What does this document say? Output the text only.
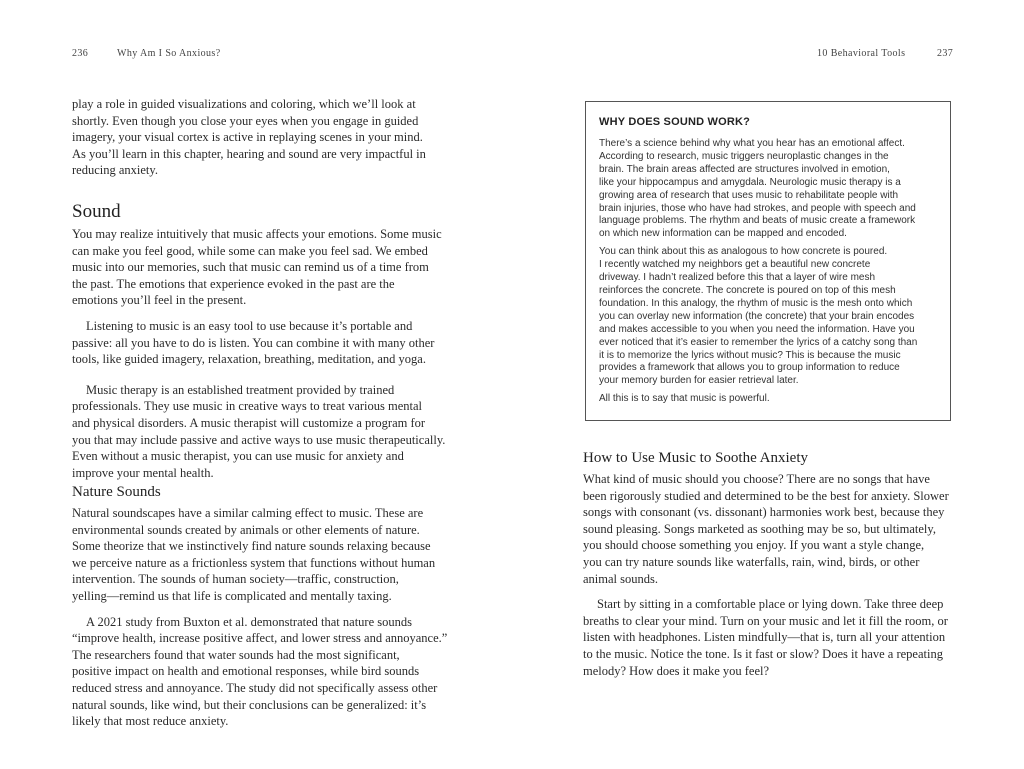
236	Why Am I So Anxious?

play a role in guided visualizations and coloring, which we’ll look at
shortly. Even though you close your eyes when you engage in guided
imagery, your visual cortex is active in replaying scenes in your mind.
As you’ll learn in this chapter, hearing and sound are very impactful in
reducing anxiety.

Sound

You may realize intuitively that music affects your emotions. Some music
can make you feel good, while some can make you feel sad. We embed
music into our memories, such that music can remind us of a time from
the past. The emotions that experience evoked in the past are the
emotions you’ll feel in the present.

Listening to music is an easy tool to use because it’s portable and
passive: all you have to do is listen. You can combine it with many other
tools, like guided imagery, relaxation, breathing, meditation, and yoga.

Music therapy is an established treatment provided by trained
professionals. They use music in creative ways to treat various mental
and physical disorders. A music therapist will customize a program for
you that may include passive and active ways to use music therapeutically.
Even without a music therapist, you can use music for anxiety and
improve your mental health.

Nature Sounds

Natural soundscapes have a similar calming effect to music. These are
environmental sounds created by animals or other elements of nature.
Some theorize that we instinctively find nature sounds relaxing because
we perceive nature as a frictionless system that functions without human
intervention. The sounds of human society—traffic, construction,
yelling—remind us that life is complicated and mentally taxing.

A 2021 study from Buxton et al. demonstrated that nature sounds
“improve health, increase positive affect, and lower stress and annoyance.”
The researchers found that water sounds had the most significant,
positive impact on health and emotional responses, while bird sounds
reduced stress and annoyance. The study did not specifically assess other
natural sounds, like wind, but their conclusions can be generalized: it’s
likely that most reduce anxiety.

10 Behavioral Tools	237
WHY DOES SOUND WORK?

There’s a science behind why what you hear has an emotional affect.
According to research, music triggers neuroplastic changes in the
brain. The brain areas affected are structures involved in emotion,
like your hippocampus and amygdala. Neurologic music therapy is a
growing area of research that uses music to rehabilitate people with
brain injuries, those who have had strokes, and people with speech and
language problems. The rhythm and beats of music create a framework
on which new information can be mapped and encoded.

You can think about this as analogous to how concrete is poured.
I recently watched my neighbors get a beautiful new concrete
driveway. I hadn’t realized before this that a layer of wire mesh
reinforces the concrete. The concrete is poured on top of this mesh
foundation. In this analogy, the rhythm of music is the mesh onto which
you can overlay new information (the concrete) that your brain encodes
and makes accessible to you when you need the information. Have you
ever noticed that it’s easier to remember the lyrics of a catchy song than
it is to memorize the lyrics without music? This is because the music
provides a framework that allows you to group information to reduce
your memory burden for easier retrieval later.

All this is to say that music is powerful.

How to Use Music to Soothe Anxiety

What kind of music should you choose? There are no songs that have
been rigorously studied and determined to be the best for anxiety. Slower
songs with consonant (vs. dissonant) harmonies work best, because they
sound pleasing. Songs marketed as soothing may be so, but ultimately,
you should choose something you enjoy. If you want a style change,
you can try nature sounds like waterfalls, rain, wind, birds, or other
animal sounds.

Start by sitting in a comfortable place or lying down. Take three deep
breaths to clear your mind. Turn on your music and let it fill the room, or
listen with headphones. Listen mindfully—that is, turn all your attention
to the music. Notice the tone. Is it fast or slow? Does it have a repeating
melody? How does it make you feel?
